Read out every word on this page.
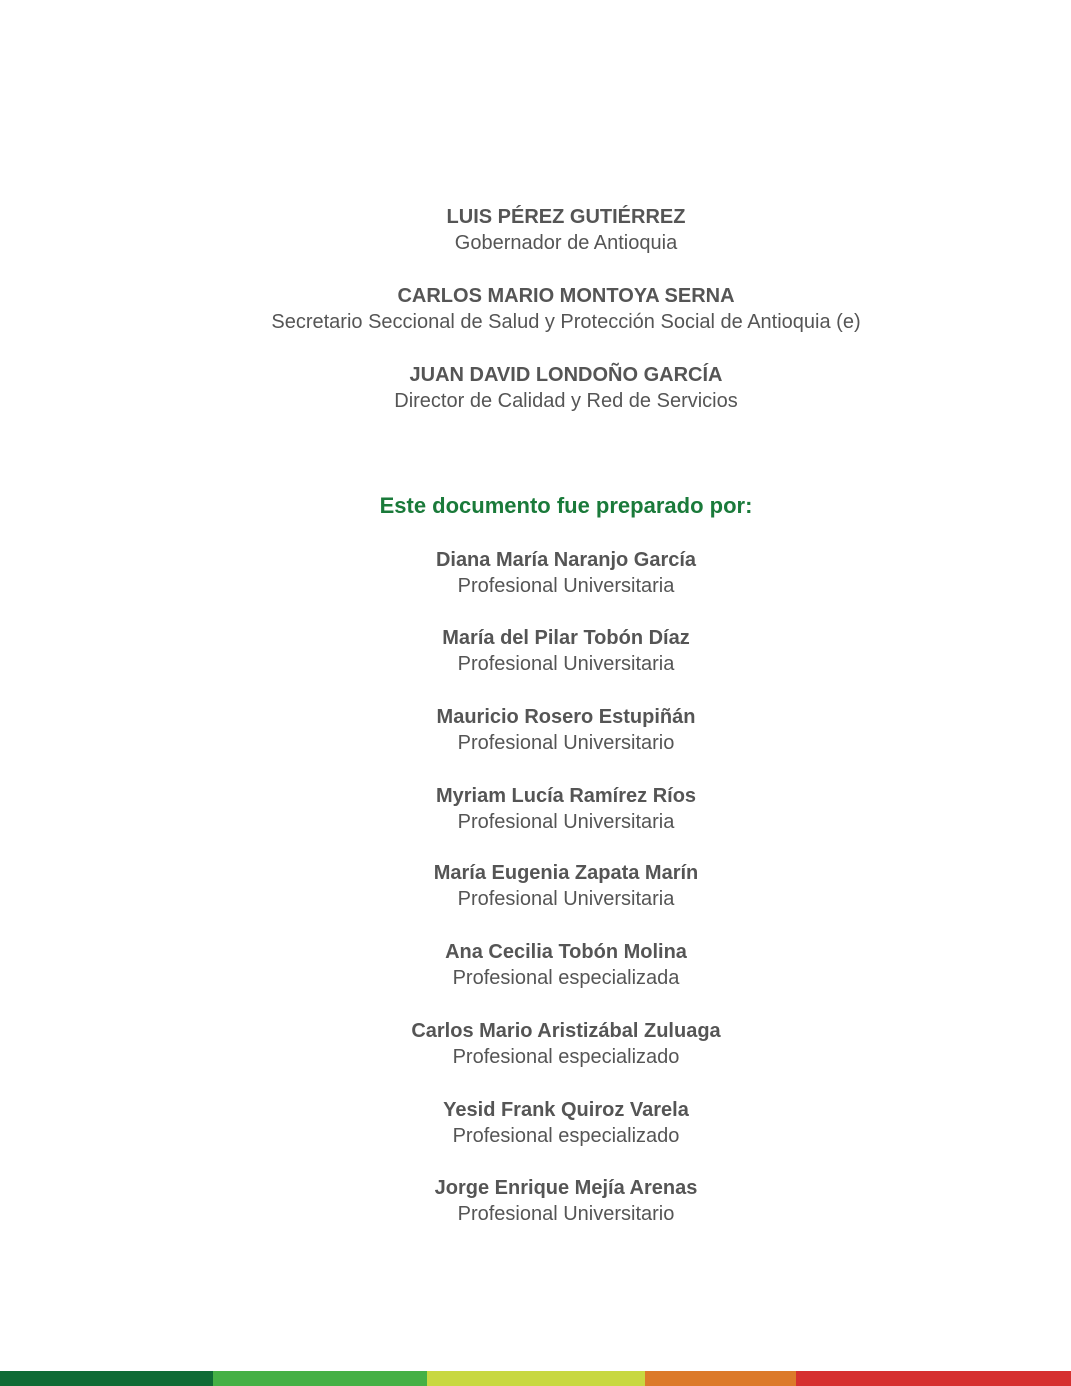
LUIS PÉREZ GUTIÉRREZ
Gobernador de Antioquia
CARLOS MARIO MONTOYA SERNA
Secretario Seccional de Salud y Protección Social de Antioquia (e)
JUAN DAVID LONDOÑO GARCÍA
Director de Calidad y Red de Servicios
Este documento fue preparado por:
Diana María Naranjo García
Profesional Universitaria
María del Pilar Tobón Díaz
Profesional Universitaria
Mauricio Rosero Estupiñán
Profesional Universitario
Myriam Lucía Ramírez Ríos
Profesional Universitaria
María Eugenia Zapata Marín
Profesional Universitaria
Ana Cecilia Tobón Molina
Profesional especializada
Carlos Mario Aristizábal Zuluaga
Profesional especializado
Yesid Frank Quiroz Varela
Profesional especializado
Jorge Enrique Mejía Arenas
Profesional Universitario
